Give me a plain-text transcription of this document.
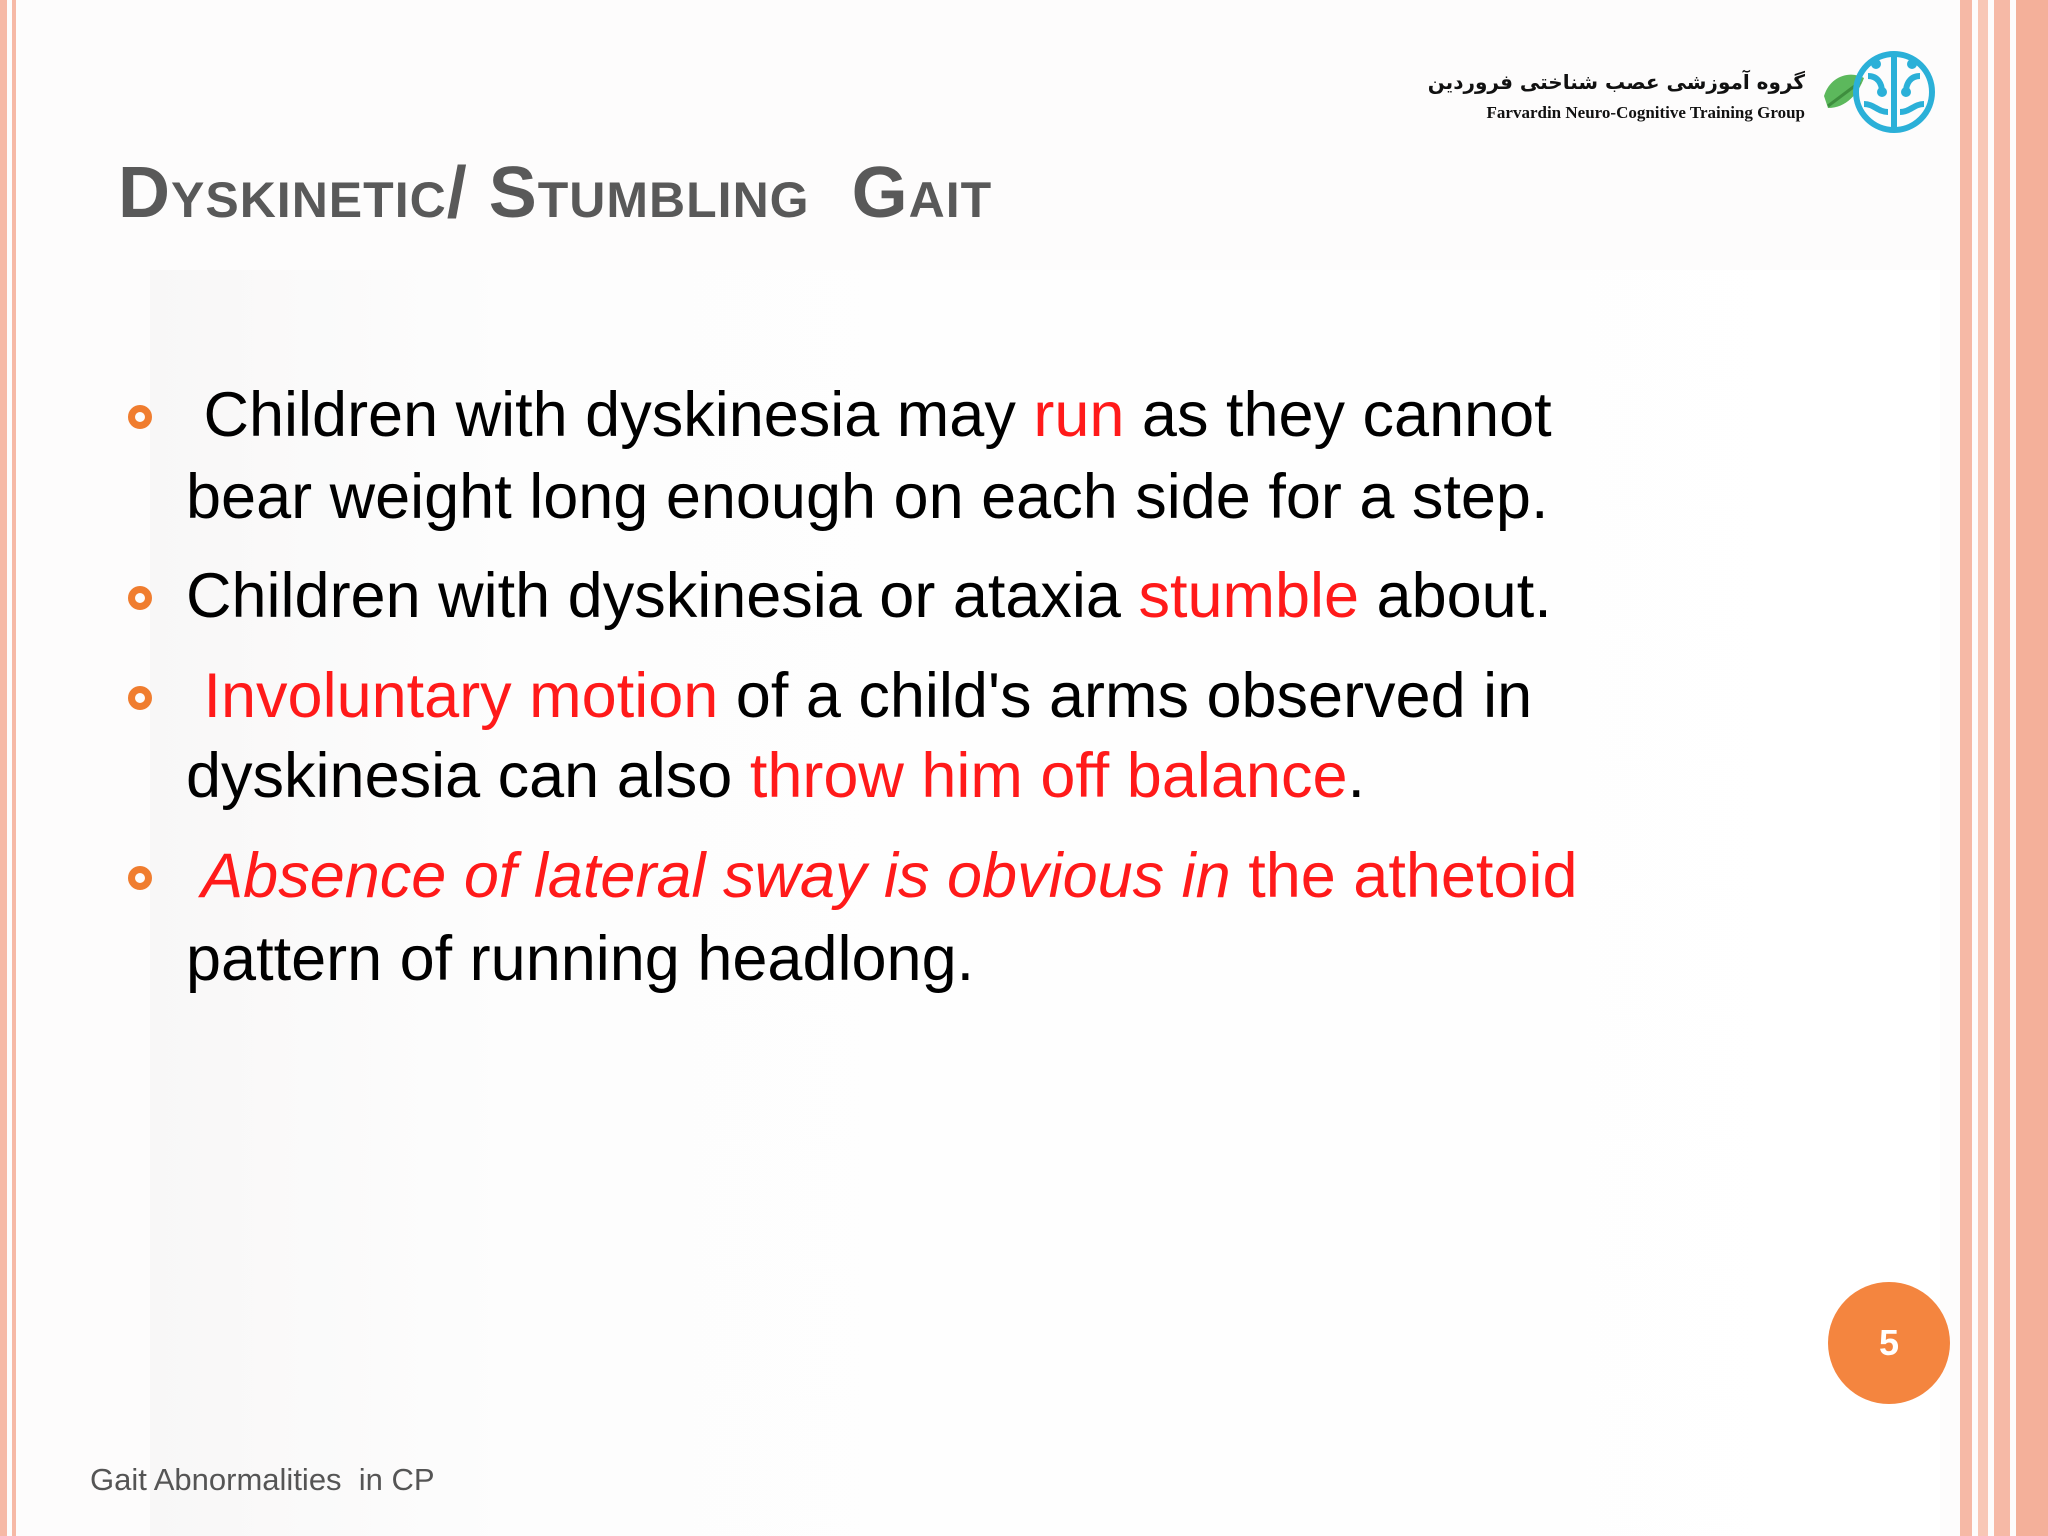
گروه آموزشی عصب شناختی فروردین
Farvardin Neuro-Cognitive Training Group
Dyskinetic/ Stumbling  Gait
Children with dyskinesia may run as they cannot
bear weight long enough on each side for a step.
Children with dyskinesia or ataxia stumble about.
Involuntary motion of a child's arms observed in
dyskinesia can also throw him off balance.
Absence of lateral sway is obvious in the athetoid
pattern of running headlong.
5
Gait Abnormalities  in CP
